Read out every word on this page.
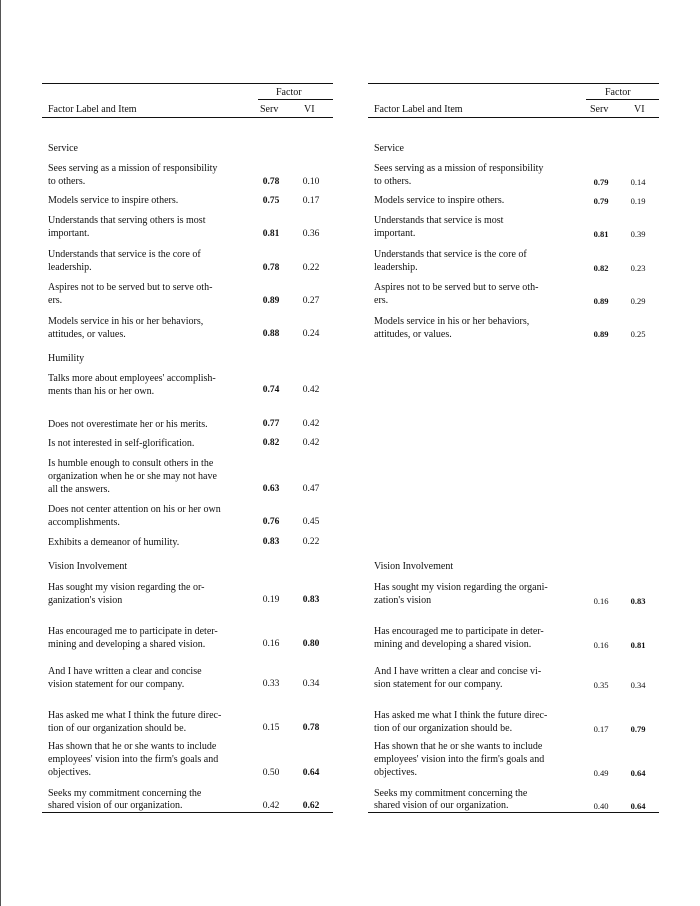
Factor
Factor Label and Item	Serv	VI
Service
Sees serving as a mission of responsibility
to others.	0.78	0.10
Models service to inspire others.	0.75	0.17
Understands that serving others is most
important.	0.81	0.36
Understands that service is the core of
leadership.	0.78	0.22
Aspires not to be served but to serve oth-
ers.	0.89	0.27
Models service in his or her behaviors,
attitudes, or values.	0.88	0.24
Humility
Talks more about employees' accomplish-
ments than his or her own.	0.74	0.42
Does not overestimate her or his merits.	0.77	0.42
Is not interested in self-glorification.	0.82	0.42
Is humble enough to consult others in the
organization when he or she may not have
all the answers.	0.63	0.47
Does not center attention on his or her own
accomplishments.	0.76	0.45
Exhibits a demeanor of humility.	0.83	0.22
Vision Involvement
Has sought my vision regarding the or-
ganization's vision	0.19	0.83
Has encouraged me to participate in deter-
mining and developing a shared vision.	0.16	0.80
And I have written a clear and concise
vision statement for our company.	0.33	0.34
Has asked me what I think the future direc-
tion of our organization should be.	0.15	0.78
Has shown that he or she wants to include
employees' vision into the firm's goals and
objectives.	0.50	0.64
Seeks my commitment concerning the
shared vision of our organization.	0.42	0.62
Factor
Factor Label and Item	Serv	VI
Service
Sees serving as a mission of responsibility
to others.	0.79	0.14
Models service to inspire others.	0.79	0.19
Understands that service is most
important.	0.81	0.39
Understands that service is the core of
leadership.	0.82	0.23
Aspires not to be served but to serve oth-
ers.	0.89	0.29
Models service in his or her behaviors,
attitudes, or values.	0.89	0.25
Vision Involvement
Has sought my vision regarding the organi-
zation's vision	0.16	0.83
Has encouraged me to participate in deter-
mining and developing a shared vision.	0.16	0.81
And I have written a clear and concise vi-
sion statement for our company.	0.35	0.34
Has asked me what I think the future direc-
tion of our organization should be.	0.17	0.79
Has shown that he or she wants to include
employees' vision into the firm's goals and
objectives.	0.49	0.64
Seeks my commitment concerning the
shared vision of our organization.	0.40	0.64
